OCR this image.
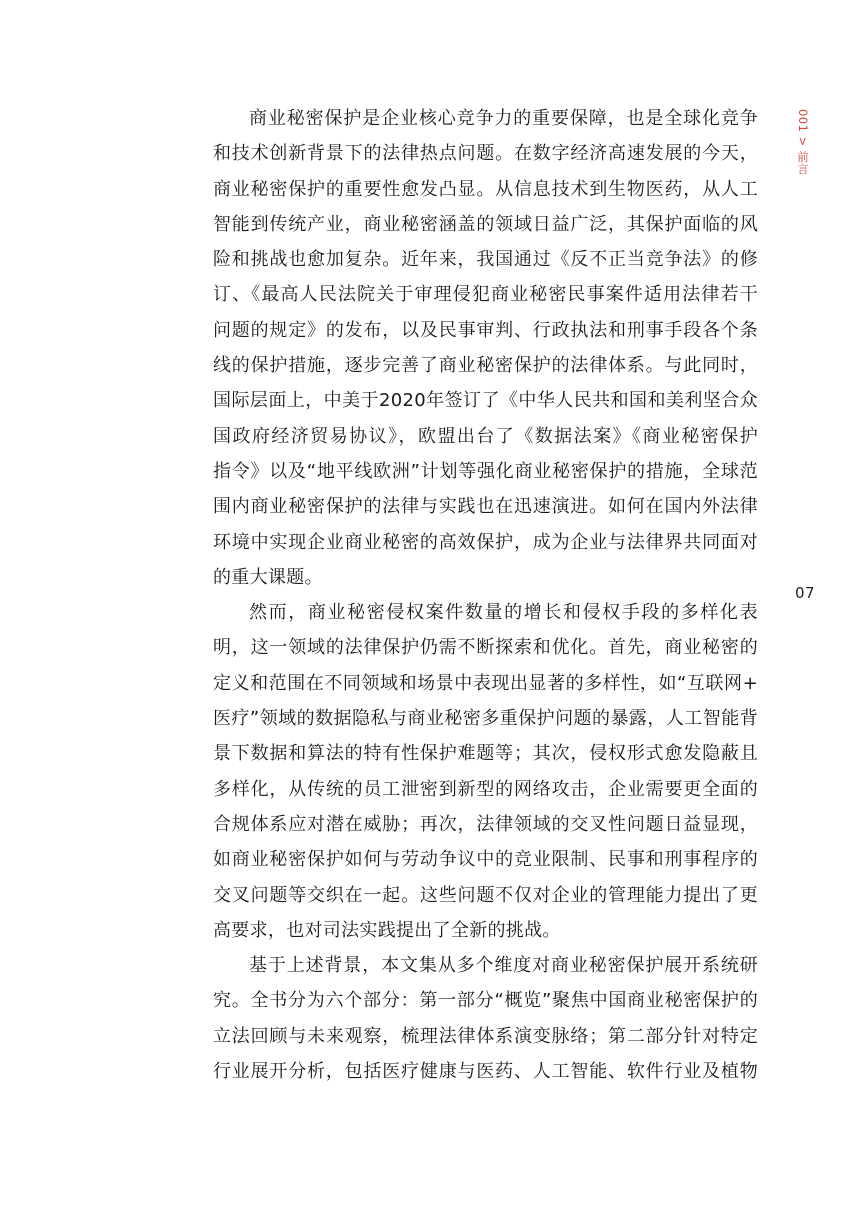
001 > 前言
07
商业秘密保护是企业核心竞争力的重要保障，也是全球化竞争
和技术创新背景下的法律热点问题。在数字经济高速发展的今天，
商业秘密保护的重要性愈发凸显。从信息技术到生物医药，从人工
智能到传统产业，商业秘密涵盖的领域日益广泛，其保护面临的风
险和挑战也愈加复杂。近年来，我国通过《反不正当竞争法》的修
订、《最高人民法院关于审理侵犯商业秘密民事案件适用法律若干
问题的规定》的发布，以及民事审判、行政执法和刑事手段各个条
线的保护措施，逐步完善了商业秘密保护的法律体系。与此同时，
国际层面上，中美于2020年签订了《中华人民共和国和美利坚合众
国政府经济贸易协议》，欧盟出台了《数据法案》《商业秘密保护
指令》以及“地平线欧洲”计划等强化商业秘密保护的措施，全球范
围内商业秘密保护的法律与实践也在迅速演进。如何在国内外法律
环境中实现企业商业秘密的高效保护，成为企业与法律界共同面对
的重大课题。
然而，商业秘密侵权案件数量的增长和侵权手段的多样化表
明，这一领域的法律保护仍需不断探索和优化。首先，商业秘密的
定义和范围在不同领域和场景中表现出显著的多样性，如“互联网+
医疗”领域的数据隐私与商业秘密多重保护问题的暴露，人工智能背
景下数据和算法的特有性保护难题等；其次，侵权形式愈发隐蔽且
多样化，从传统的员工泄密到新型的网络攻击，企业需要更全面的
合规体系应对潜在威胁；再次，法律领域的交叉性问题日益显现，
如商业秘密保护如何与劳动争议中的竞业限制、民事和刑事程序的
交叉问题等交织在一起。这些问题不仅对企业的管理能力提出了更
高要求，也对司法实践提出了全新的挑战。
基于上述背景，本文集从多个维度对商业秘密保护展开系统研
究。全书分为六个部分：第一部分“概览”聚焦中国商业秘密保护的
立法回顾与未来观察，梳理法律体系演变脉络；第二部分针对特定
行业展开分析，包括医疗健康与医药、人工智能、软件行业及植物
